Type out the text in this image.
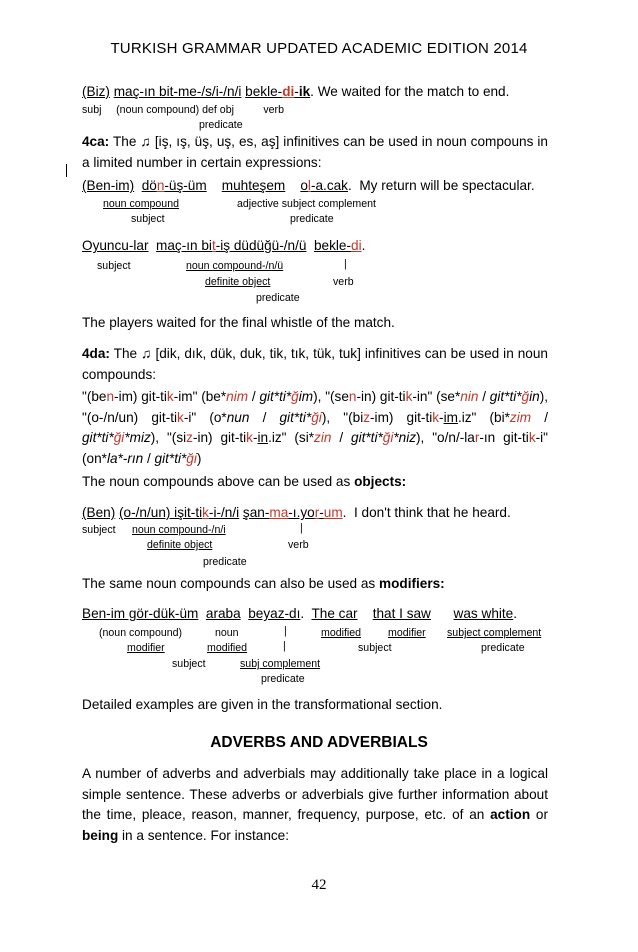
TURKISH GRAMMAR UPDATED ACADEMIC EDITION 2014
(Biz) maç-ın bit-me-/s/i-/n/i bekle-di-ik. We waited for the match to end.
subj     (noun compound) def obj          verb
predicate
4ca: The ♫ [iş, ış, üş, uş, es, aş] infinitives can be used in noun compouns in a limited number in certain expressions:
(Ben-im) dön-üş-üm muhteşem ol-a.cak.  My return will be spectacular.
noun compound	adjective subject complement
subject	predicate
Oyuncu-lar maç-ın bit-iş düdüğü-/n/ü bekle-di.
subject	noun compound-/n/ü	|
definite object	verb
predicate
The players waited for the final whistle of the match.
4da: The ♫ [dik, dık, dük, duk, tik, tık, tük, tuk] infinitives can be used in noun compounds:
"(ben-im) git-tik-im" (be*nim / git*ti*ğim), "(sen-in) git-tik-in" (se*nin / git*ti*ğin), "(o-/n/un) git-tik-i" (o*nun / git*ti*ği), "(biz-im) git-tik-im.iz" (bi*zim / git*ti*ği*miz), "(siz-in) git-tik-in.iz" (si*zin / git*ti*ği*niz), "o/n/-lar-ın git-tik-i" (on*la*-rın / git*ti*ği)
The noun compounds above can be used as objects:
(Ben) (o-/n/un) işit-tik-i-/n/i şan-ma-ı.yor-um.  I don't think that he heard.
subject noun compound-/n/i	|
definite object	verb
predicate
The same noun compounds can also be used as modifiers:
Ben-im gör-dük-üm araba beyaz-dı.  The car that I saw was white.
(noun compound)	noun	|	modified	modifier subject complement
modifier	modified	|	subject	predicate
subject	subj complement
predicate
Detailed examples are given in the transformational section.
ADVERBS AND ADVERBIALS
A number of adverbs and adverbials may additionally take place in a logical simple sentence. These adverbs or adverbials give further information about the time, pleace, reason, manner, frequency, purpose, etc. of an action or being in a sentence. For instance:
42
